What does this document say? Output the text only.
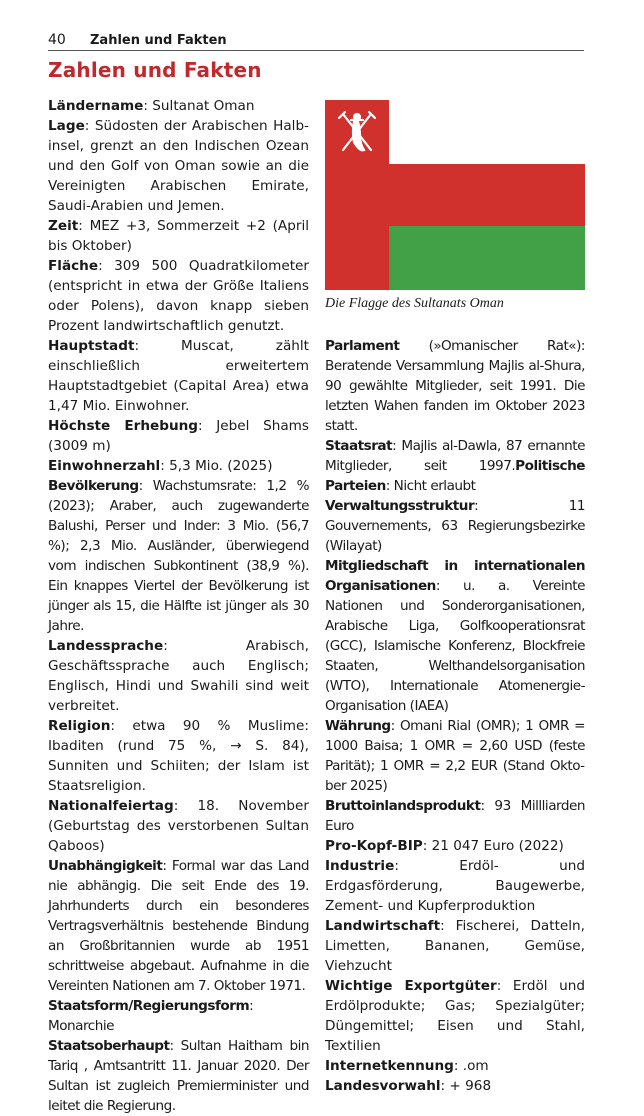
40 Zahlen und Fakten
Zahlen und Fakten

Ländername: Sultanat Oman

Lage: Südosten der Arabischen Halbinsel, grenzt an den Indischen Ozean und den Golf von Oman sowie an die Vereinigten Arabischen Emirate, Saudi-Arabien und Jemen.

Zeit: MEZ +3, Sommerzeit +2 (April bis Oktober)

Fläche: 309 500 Quadratkilometer (entspricht in etwa der Größe Italiens oder Polens), davon knapp sieben Prozent landwirtschaftlich genutzt.

Hauptstadt: Muscat, zählt einschließlich erweitertem Hauptstadtgebiet (Capital Area) etwa 1,47 Mio. Einwohner.

Höchste Erhebung: Jebel Shams (3009 m)

Einwohnerzahl: 5,3 Mio. (2025)

Bevölkerung: Wachstumsrate: 1,2 % (2023); Araber, auch zugewanderte Balushi, Perser und Inder: 3 Mio. (56,7 %); 2,3 Mio. Ausländer, überwiegend vom indischen Subkontinent (38,9 %). Ein knappes Viertel der Bevölkerung ist jünger als 15, die Hälfte ist jünger als 30 Jahre.

Landessprache: Arabisch, Geschäftssprache auch Englisch; Englisch, Hindi und Swahili sind weit verbreitet.

Religion: etwa 90 % Muslime: Ibaditen (rund 75 %, → S. 84), Sunniten und Schiiten; der Islam ist Staatsreligion.

Nationalfeiertag: 18. November (Geburtstag des verstorbenen Sultan Qaboos)

Unabhängigkeit: Formal war das Land nie abhängig. Die seit Ende des 19. Jahrhunderts durch ein besonderes Vertragsverhältnis bestehende Bindung an Großbritannien wurde ab 1951 schrittweise abgebaut. Aufnahme in die Vereinten Nationen am 7. Oktober 1971.

Staatsform/Regierungsform: Monarchie

Staatsoberhaupt: Sultan Haitham bin Tariq , Amtsantritt 11. Januar 2020. Der Sultan ist zugleich Premierminister und leitet die Regierung.

Die Flagge des Sultanats Oman

Parlament (»Omanischer Rat«): Beratende Versammlung Majlis al-Shura, 90 gewählte Mitglieder, seit 1991. Die letzten Wahen fanden im Oktober 2023 statt.

Staatsrat: Majlis al-Dawla, 87 ernannte Mitglieder, seit 1997.Politische Parteien: Nicht erlaubt

Verwaltungsstruktur: 11 Gouvernements, 63 Regierungsbezirke (Wilayat)

Mitgliedschaft in internationalen Organisationen: u. a. Vereinte Nationen und Sonderorganisationen, Arabische Liga, Golfkooperationsrat (GCC), Islamische Konferenz, Blockfreie Staaten, Welthandelsorganisation (WTO), Internationale Atomenergie-Organisation (IAEA)

Währung: Omani Rial (OMR); 1 OMR = 1000 Baisa; 1 OMR = 2,60 USD (feste Parität); 1 OMR = 2,2 EUR (Stand Oktober 2025)

Bruttoinlandsprodukt: 93 Millliarden Euro

Pro-Kopf-BIP: 21 047 Euro (2022)

Industrie: Erdöl- und Erdgasförderung, Baugewerbe, Zement- und Kupferproduktion

Landwirtschaft: Fischerei, Datteln, Limetten, Bananen, Gemüse, Viehzucht

Wichtige Exportgüter: Erdöl und Erdölprodukte; Gas; Spezialgüter; Düngemittel; Eisen und Stahl, Textilien

Internetkennung: .om

Landesvorwahl: + 968
